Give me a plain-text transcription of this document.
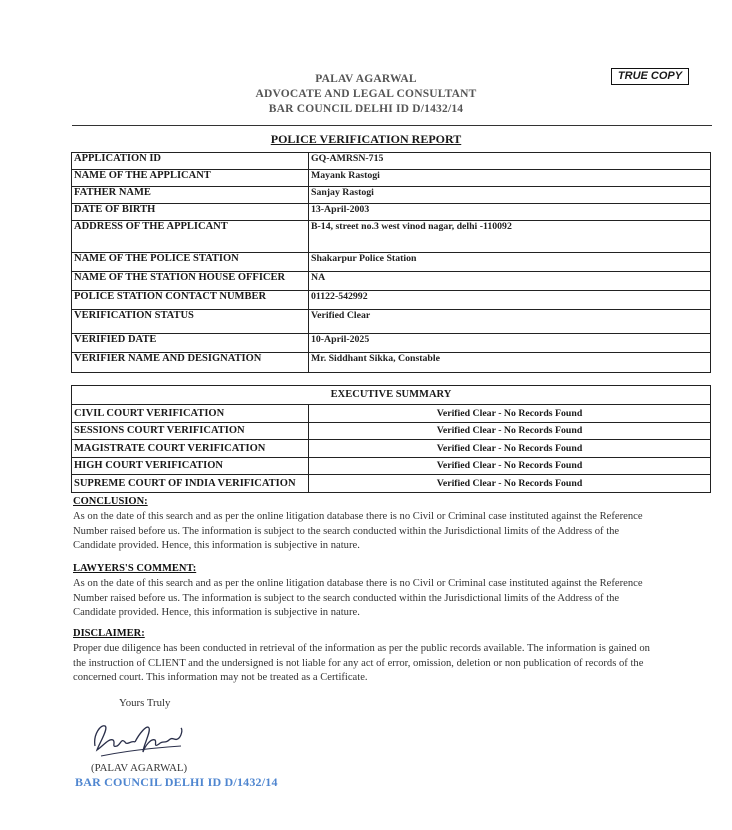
PALAV AGARWAL
ADVOCATE AND LEGAL CONSULTANT
BAR COUNCIL DELHI ID D/1432/14
TRUE COPY
POLICE VERIFICATION REPORT
APPLICATION ID	GQ-AMRSN-715
NAME OF THE APPLICANT	Mayank Rastogi
FATHER NAME	Sanjay Rastogi
DATE OF BIRTH	13-April-2003
ADDRESS OF THE APPLICANT	B-14, street no.3 west vinod nagar, delhi -110092
NAME OF THE POLICE STATION	Shakarpur Police Station
NAME OF THE STATION HOUSE OFFICER	NA
POLICE STATION CONTACT NUMBER	01122-542992
VERIFICATION STATUS	Verified Clear
VERIFIED DATE	10-April-2025
VERIFIER NAME AND DESIGNATION	Mr. Siddhant Sikka, Constable
EXECUTIVE SUMMARY
CIVIL COURT VERIFICATION	Verified Clear - No Records Found
SESSIONS COURT VERIFICATION	Verified Clear - No Records Found
MAGISTRATE COURT VERIFICATION	Verified Clear - No Records Found
HIGH COURT VERIFICATION	Verified Clear - No Records Found
SUPREME COURT OF INDIA VERIFICATION	Verified Clear - No Records Found
CONCLUSION:
As on the date of this search and as per the online litigation database there is no Civil or Criminal case instituted against the Reference
Number raised before us. The information is subject to the search conducted within the Jurisdictional limits of the Address of the
Candidate provided. Hence, this information is subjective in nature.
LAWYERS'S COMMENT:
As on the date of this search and as per the online litigation database there is no Civil or Criminal case instituted against the Reference
Number raised before us. The information is subject to the search conducted within the Jurisdictional limits of the Address of the
Candidate provided. Hence, this information is subjective in nature.
DISCLAIMER:
Proper due diligence has been conducted in retrieval of the information as per the public records available. The information is gained on
the instruction of CLIENT and the undersigned is not liable for any act of error, omission, deletion or non publication of records of the
concerned court. This information may not be treated as a Certificate.
Yours Truly
(PALAV AGARWAL)
BAR COUNCIL DELHI ID D/1432/14
